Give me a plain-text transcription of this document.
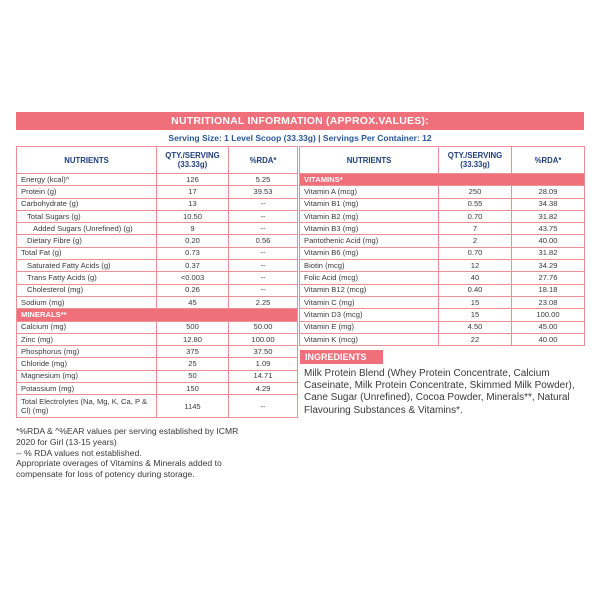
NUTRITIONAL INFORMATION (APPROX.VALUES):
Serving Size: 1 Level Scoop (33.33g) | Servings Per Container: 12
NUTRIENTS	QTY./SERVING (33.33g)	%RDA*
Energy (kcal)^	126	5.25
Protein (g)	17	39.53
Carbohydrate (g)	13	--
Total Sugars (g)	10.50	--
Added Sugars (Unrefined) (g)	9	--
Dietary Fibre (g)	0.20	0.56
Total Fat (g)	0.73	--
Saturated Fatty Acids (g)	0.37	--
Trans Fatty Acids (g)	<0.003	--
Cholesterol (mg)	0.26	--
Sodium (mg)	45	2.25
MINERALS**		
Calcium (mg)	500	50.00
Zinc (mg)	12.80	100.00
Phosphorus (mg)	375	37.50
Chloride (mg)	25	1.09
Magnesium (mg)	50	14.71
Potassium (mg)	150	4.29
Total Electrolytes (Na, Mg, K, Ca, P & Cl) (mg)	1145	--
NUTRIENTS	QTY./SERVING (33.33g)	%RDA*
VITAMINS*		
Vitamin A (mcg)	250	28.09
Vitamin B1 (mg)	0.55	34.38
Vitamin B2 (mg)	0.70	31.82
Vitamin B3 (mg)	7	43.75
Pantothenic Acid (mg)	2	40.00
Vitamin B6 (mg)	0.70	31.82
Biotin (mcg)	12	34.29
Folic Acid (mcg)	40	27.76
Vitamin B12 (mcg)	0.40	18.18
Vitamin C (mg)	15	23.08
Vitamin D3 (mcg)	15	100.00
Vitamin E (mg)	4.50	45.00
Vitamin K (mcg)	22	40.00
*%RDA & ^%EAR values per serving established by ICMR
2020 for Girl (13-15 years)
-- % RDA values not established.
Appropriate overages of Vitamins & Minerals added to
compensate for loss of potency during storage.
INGREDIENTS
Milk Protein Blend (Whey Protein Concentrate, Calcium Caseinate, Milk Protein Concentrate, Skimmed Milk Powder), Cane Sugar (Unrefined), Cocoa Powder, Minerals**, Natural Flavouring Substances & Vitamins*.
